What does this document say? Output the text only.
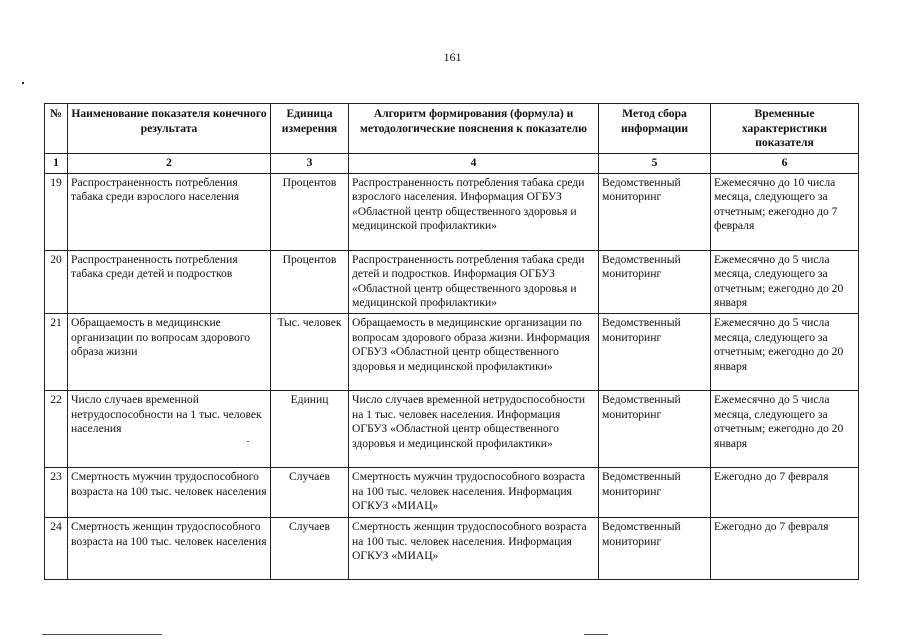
161
№	Наименование показателя конечного результата	Единица измерения	Алгоритм формирования (формула) и методологические пояснения к показателю	Метод сбора информации	Временные характеристики показателя
1	2	3	4	5	6
19	Распространенность потребления табака среди взрослого населения	Процентов	Распространенность потребления табака среди взрослого населения. Информация ОГБУЗ «Областной центр общественного здоровья и медицинской профилактики»	Ведомственный мониторинг	Ежемесячно до 10 числа месяца, следующего за отчетным; ежегодно до 7 февраля
20	Распространенность потребления табака среди детей и подростков	Процентов	Распространенность потребления табака среди детей и подростков. Информация ОГБУЗ «Областной центр общественного здоровья и медицинской профилактики»	Ведомственный мониторинг	Ежемесячно до 5 числа месяца, следующего за отчетным; ежегодно до 20 января
21	Обращаемость в медицинские организации по вопросам здорового образа жизни	Тыс. человек	Обращаемость в медицинские организации по вопросам здорового образа жизни. Информация ОГБУЗ «Областной центр общественного здоровья и медицинской профилактики»	Ведомственный мониторинг	Ежемесячно до 5 числа месяца, следующего за отчетным; ежегодно до 20 января
22	Число случаев временной нетрудоспособности на 1 тыс. человек населения	Единиц	Число случаев временной нетрудоспособности на 1 тыс. человек населения. Информация ОГБУЗ «Областной центр общественного здоровья и медицинской профилактики»	Ведомственный мониторинг	Ежемесячно до 5 числа месяца, следующего за отчетным; ежегодно до 20 января
23	Смертность мужчин трудоспособного возраста на 100 тыс. человек населения	Случаев	Смертность мужчин трудоспособного возраста на 100 тыс. человек населения. Информация ОГКУЗ «МИАЦ»	Ведомственный мониторинг	Ежегодно до 7 февраля
24	Смертность женщин трудоспособного возраста на 100 тыс. человек населения	Случаев	Смертность женщин трудоспособного возраста на 100 тыс. человек населения. Информация ОГКУЗ «МИАЦ»	Ведомственный мониторинг	Ежегодно до 7 февраля
